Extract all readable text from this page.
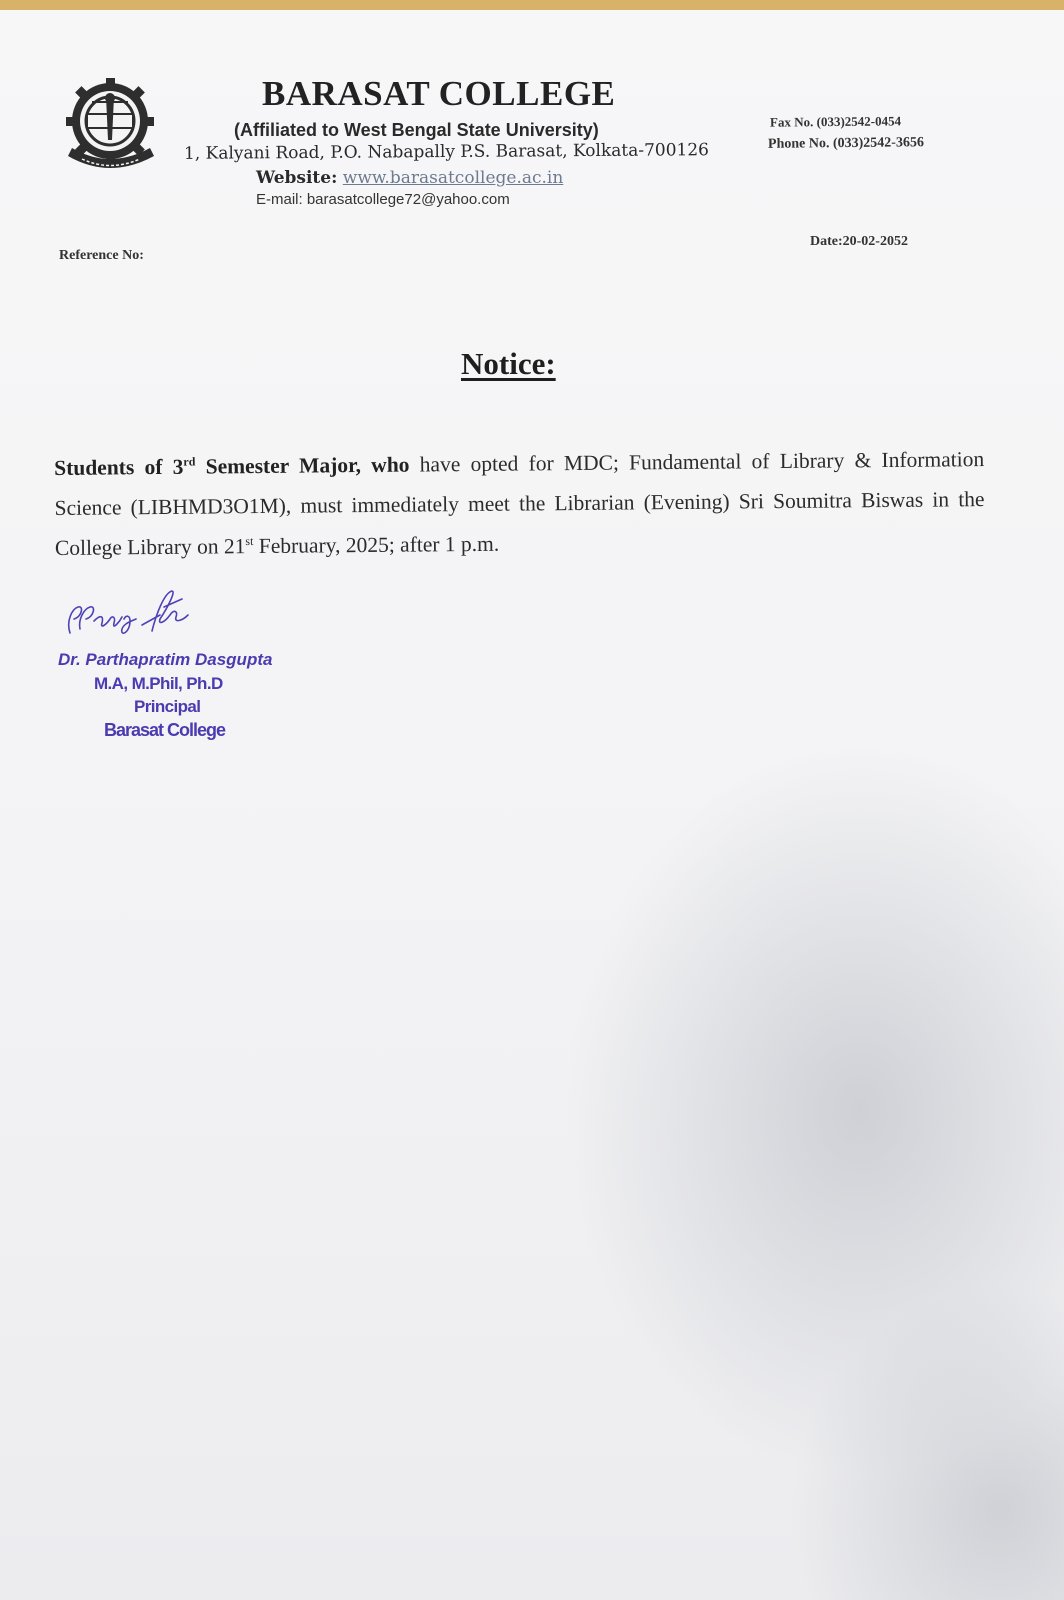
BARASAT COLLEGE
(Affiliated to West Bengal State University)
1, Kalyani Road, P.O. Nabapally P.S. Barasat, Kolkata-700126
Website: www.barasatcollege.ac.in
E-mail: barasatcollege72@yahoo.com
Fax No. (033)2542-0454
Phone No. (033)2542-3656
Date:20-02-2052
Reference No:
Notice:
Students of 3rd Semester Major, who have opted for MDC; Fundamental of Library & Information Science (LIBHMD3O1M), must immediately meet the Librarian (Evening) Sri Soumitra Biswas in the College Library on 21st February, 2025; after 1 p.m.
Dr. Parthapratim Dasgupta
M.A, M.Phil, Ph.D
Principal
Barasat College
